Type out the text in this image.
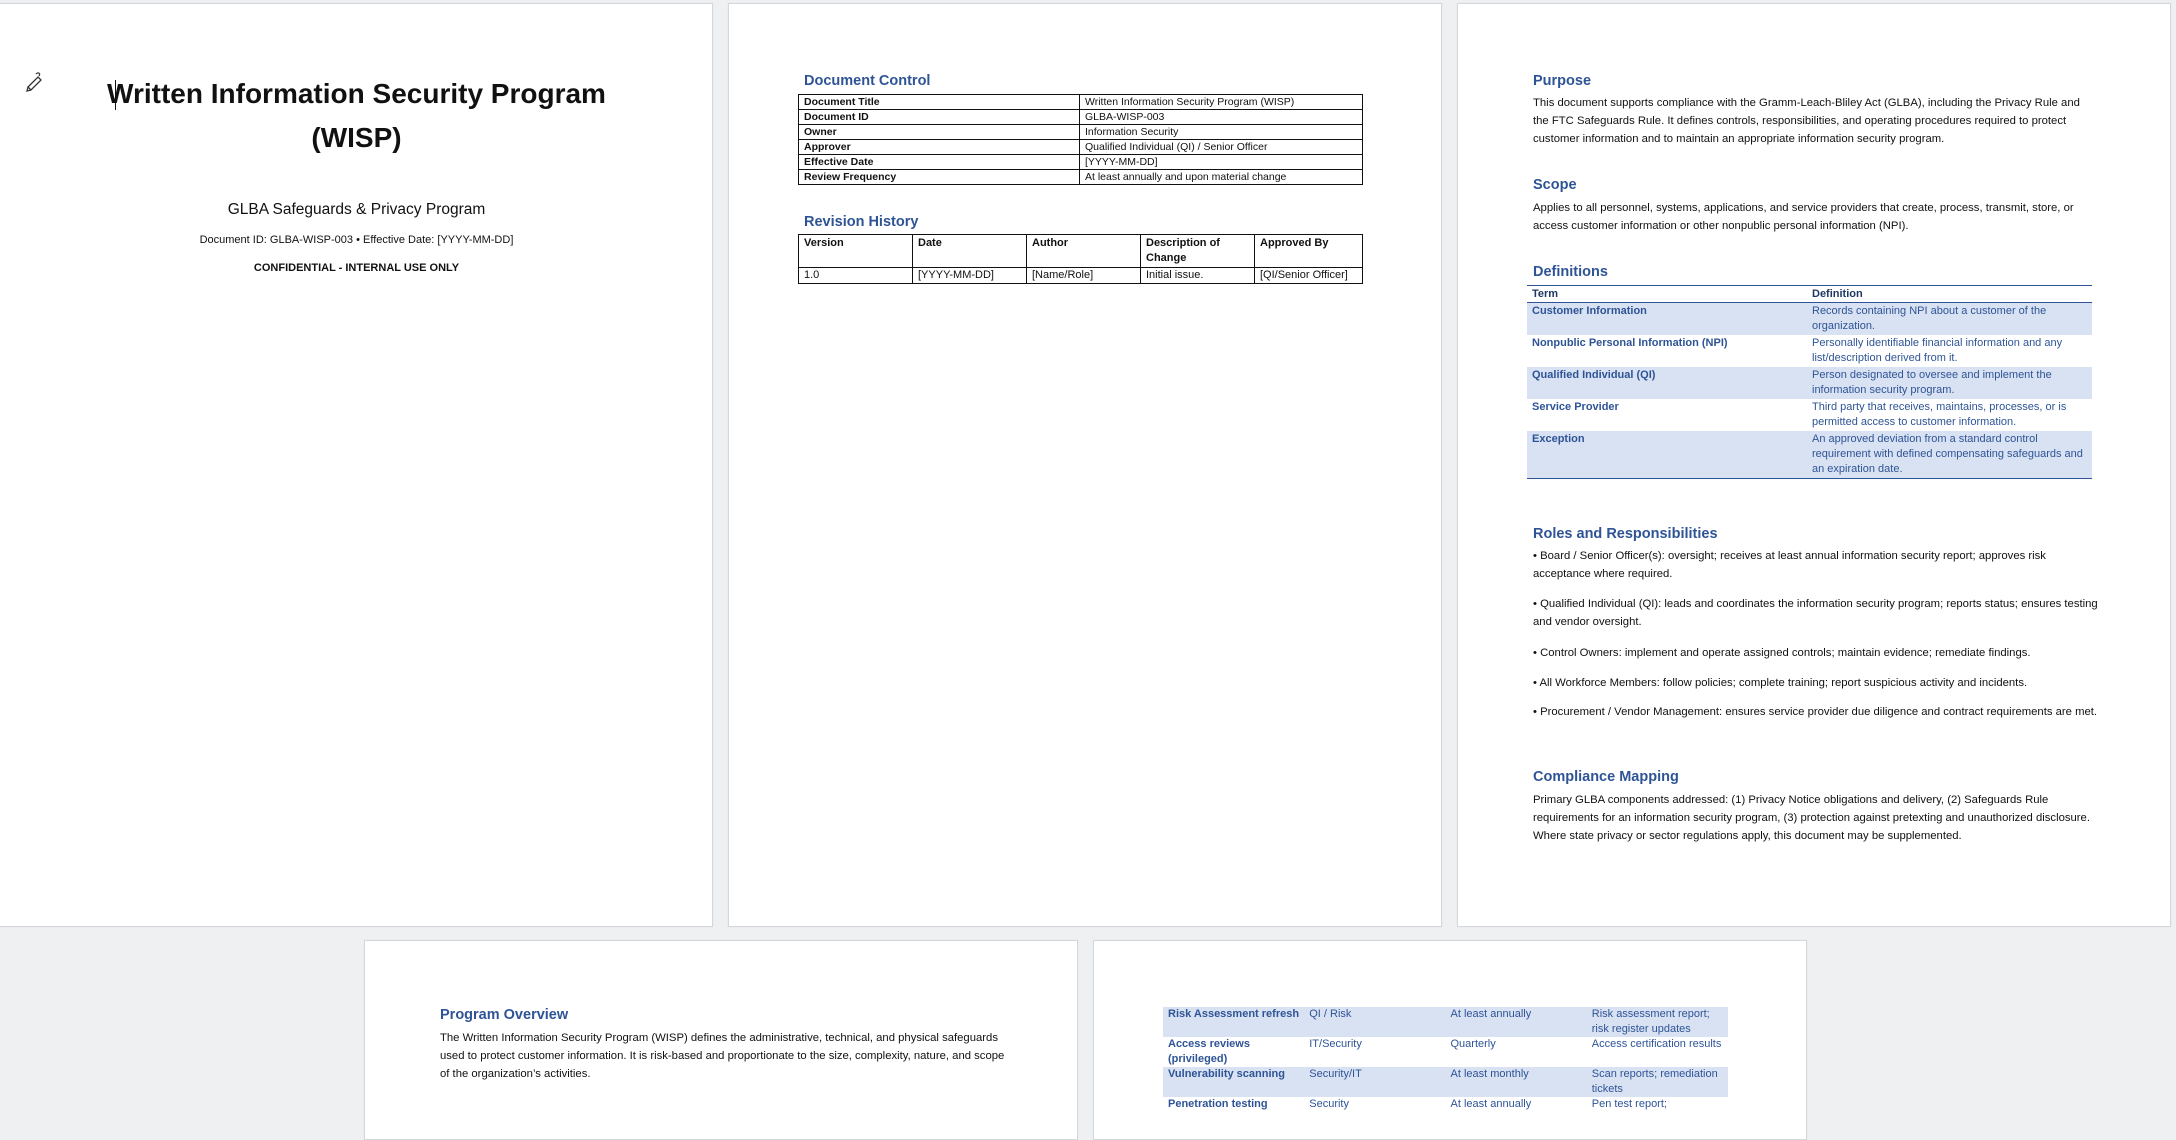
Written Information Security Program (WISP)
GLBA Safeguards & Privacy Program
Document ID: GLBA-WISP-003 • Effective Date: [YYYY-MM-DD]
CONFIDENTIAL - INTERNAL USE ONLY
Document Control
Document Title	Written Information Security Program (WISP)
Document ID	GLBA-WISP-003
Owner	Information Security
Approver	Qualified Individual (QI) / Senior Officer
Effective Date	[YYYY-MM-DD]
Review Frequency	At least annually and upon material change
Revision History
Version	Date	Author	Description of Change	Approved By
1.0	[YYYY-MM-DD]	[Name/Role]	Initial issue.	[QI/Senior Officer]
Purpose

This document supports compliance with the Gramm-Leach-Bliley Act (GLBA), including the Privacy Rule and the FTC Safeguards Rule. It defines controls, responsibilities, and operating procedures required to protect customer information and to maintain an appropriate information security program.

Scope

Applies to all personnel, systems, applications, and service providers that create, process, transmit, store, or access customer information or other nonpublic personal information (NPI).

Definitions
Term	Definition
Customer Information	Records containing NPI about a customer of the organization.
Nonpublic Personal Information (NPI)	Personally identifiable financial information and any list/description derived from it.
Qualified Individual (QI)	Person designated to oversee and implement the information security program.
Service Provider	Third party that receives, maintains, processes, or is permitted access to customer information.
Exception	An approved deviation from a standard control requirement with defined compensating safeguards and an expiration date.
Roles and Responsibilities

• Board / Senior Officer(s): oversight; receives at least annual information security report; approves risk acceptance where required.

• Qualified Individual (QI): leads and coordinates the information security program; reports status; ensures testing and vendor oversight.

• Control Owners: implement and operate assigned controls; maintain evidence; remediate findings.

• All Workforce Members: follow policies; complete training; report suspicious activity and incidents.

• Procurement / Vendor Management: ensures service provider due diligence and contract requirements are met.

Compliance Mapping

Primary GLBA components addressed: (1) Privacy Notice obligations and delivery, (2) Safeguards Rule requirements for an information security program, (3) protection against pretexting and unauthorized disclosure. Where state privacy or sector regulations apply, this document may be supplemented.

Program Overview

The Written Information Security Program (WISP) defines the administrative, technical, and physical safeguards used to protect customer information. It is risk-based and proportionate to the size, complexity, nature, and scope of the organization’s activities.

Risk Assessment refresh	QI / Risk	At least annually	Risk assessment report; risk register updates
Access reviews (privileged)	IT/Security	Quarterly	Access certification results
Vulnerability scanning	Security/IT	At least monthly	Scan reports; remediation tickets
Penetration testing	Security	At least annually	Pen test report;
